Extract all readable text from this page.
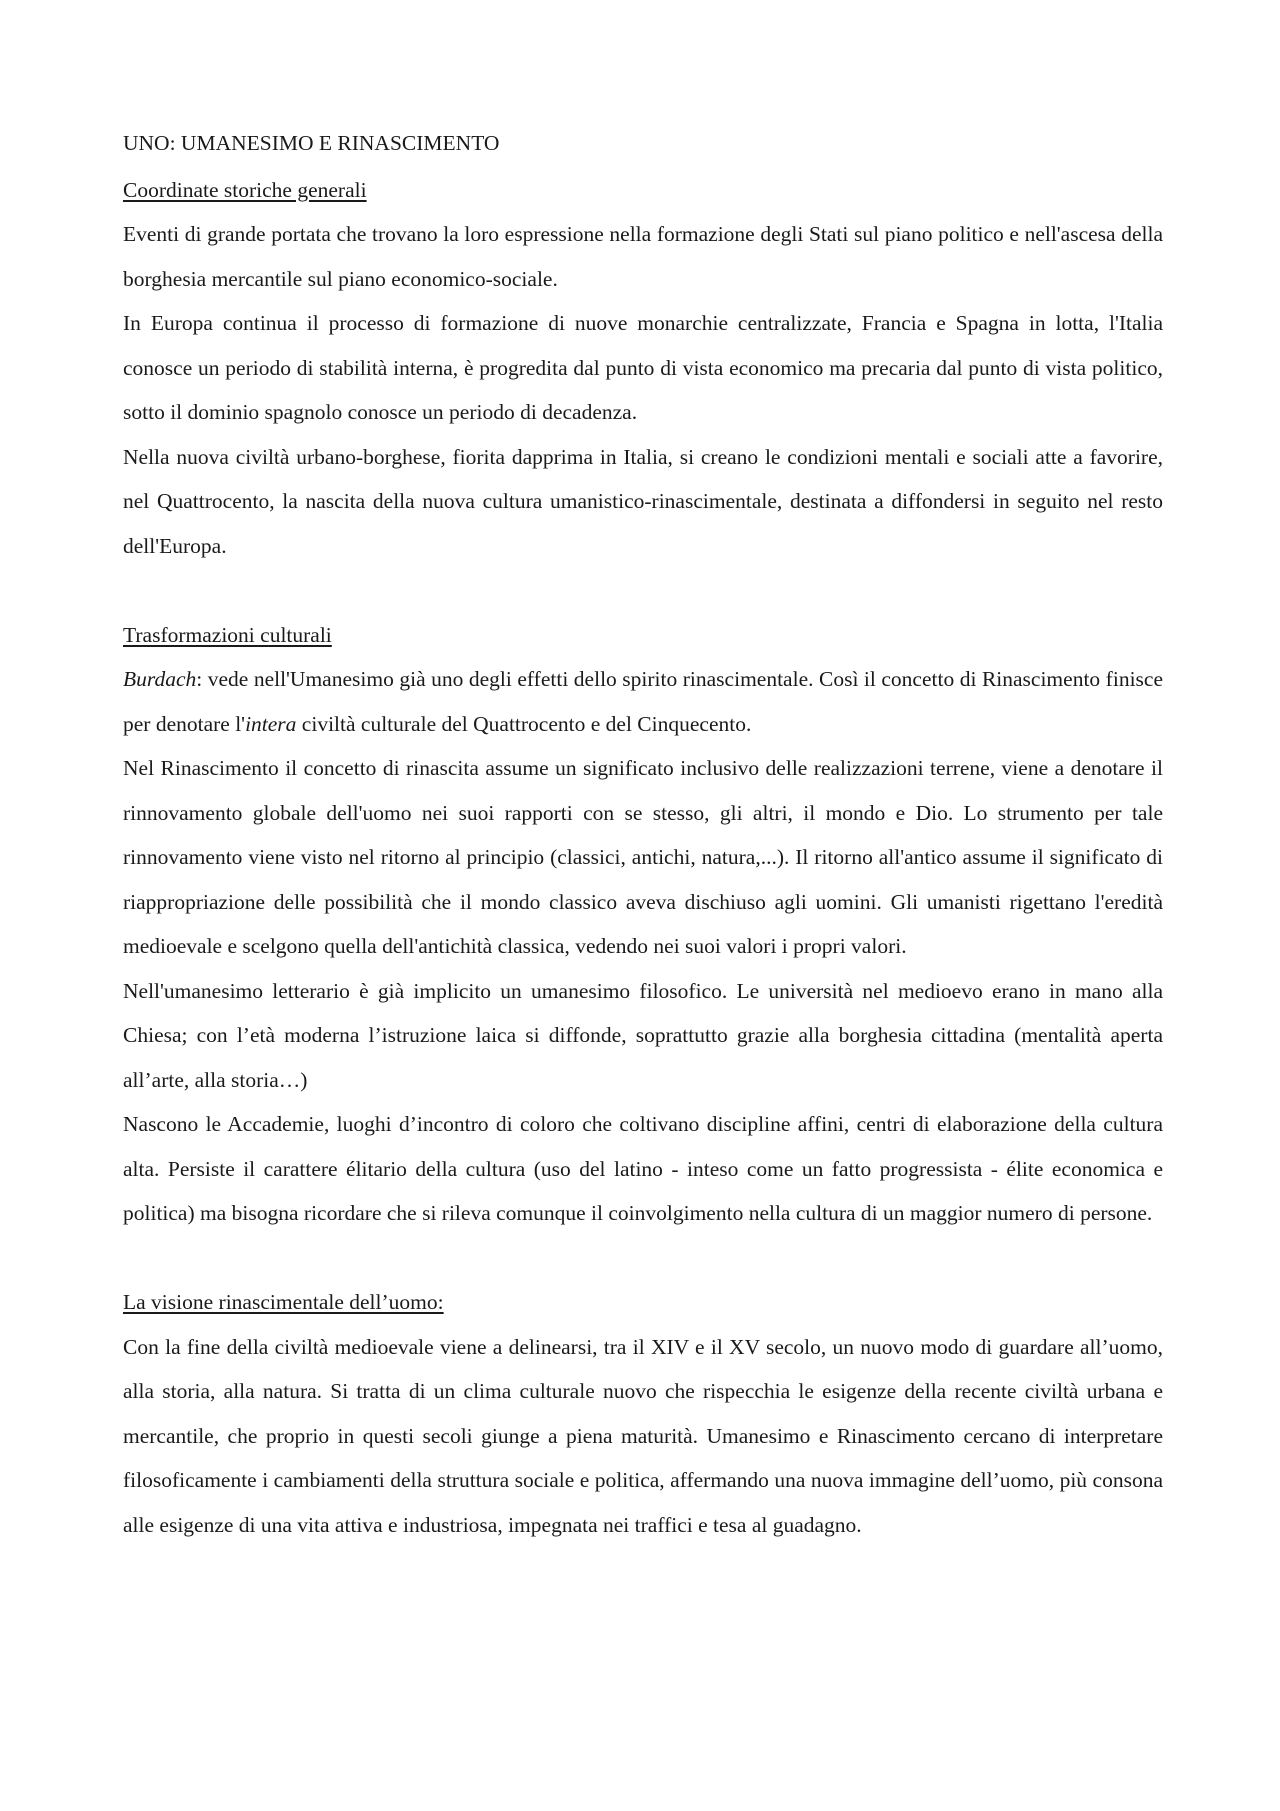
UNO: UMANESIMO E RINASCIMENTO
Coordinate storiche generali

Eventi di grande portata che trovano la loro espressione nella formazione degli Stati sul piano politico e nell'ascesa della borghesia mercantile sul piano economico-sociale.

In Europa continua il processo di formazione di nuove monarchie centralizzate, Francia e Spagna in lotta, l'Italia conosce un periodo di stabilità interna, è progredita dal punto di vista economico ma precaria dal punto di vista politico, sotto il dominio spagnolo conosce un periodo di decadenza.

Nella nuova civiltà urbano-borghese, fiorita dapprima in Italia, si creano le condizioni mentali e sociali atte a favorire, nel Quattrocento, la nascita della nuova cultura umanistico-rinascimentale, destinata a diffondersi in seguito nel resto dell'Europa.

Trasformazioni culturali

Burdach: vede nell'Umanesimo già uno degli effetti dello spirito rinascimentale. Così il concetto di Rinascimento finisce per denotare l'intera civiltà culturale del Quattrocento e del Cinquecento.

Nel Rinascimento il concetto di rinascita assume un significato inclusivo delle realizzazioni terrene, viene a denotare il rinnovamento globale dell'uomo nei suoi rapporti con se stesso, gli altri, il mondo e Dio. Lo strumento per tale rinnovamento viene visto nel ritorno al principio (classici, antichi, natura,...). Il ritorno all'antico assume il significato di riappropriazione delle possibilità che il mondo classico aveva dischiuso agli uomini. Gli umanisti rigettano l'eredità medioevale e scelgono quella dell'antichità classica, vedendo nei suoi valori i propri valori.

Nell'umanesimo letterario è già implicito un umanesimo filosofico. Le università nel medioevo erano in mano alla Chiesa; con l’età moderna l’istruzione laica si diffonde, soprattutto grazie alla borghesia cittadina (mentalità aperta all’arte, alla storia…)

Nascono le Accademie, luoghi d’incontro di coloro che coltivano discipline affini, centri di elaborazione della cultura alta. Persiste il carattere élitario della cultura (uso del latino - inteso come un fatto progressista - élite economica e politica) ma bisogna ricordare che si rileva comunque il coinvolgimento nella cultura di un maggior numero di persone.

La visione rinascimentale dell’uomo:

Con la fine della civiltà medioevale viene a delinearsi, tra il XIV e il XV secolo, un nuovo modo di guardare all’uomo, alla storia, alla natura. Si tratta di un clima culturale nuovo che rispecchia le esigenze della recente civiltà urbana e mercantile, che proprio in questi secoli giunge a piena maturità. Umanesimo e Rinascimento cercano di interpretare filosoficamente i cambiamenti della struttura sociale e politica, affermando una nuova immagine dell’uomo, più consona alle esigenze di una vita attiva e industriosa, impegnata nei traffici e tesa al guadagno.
